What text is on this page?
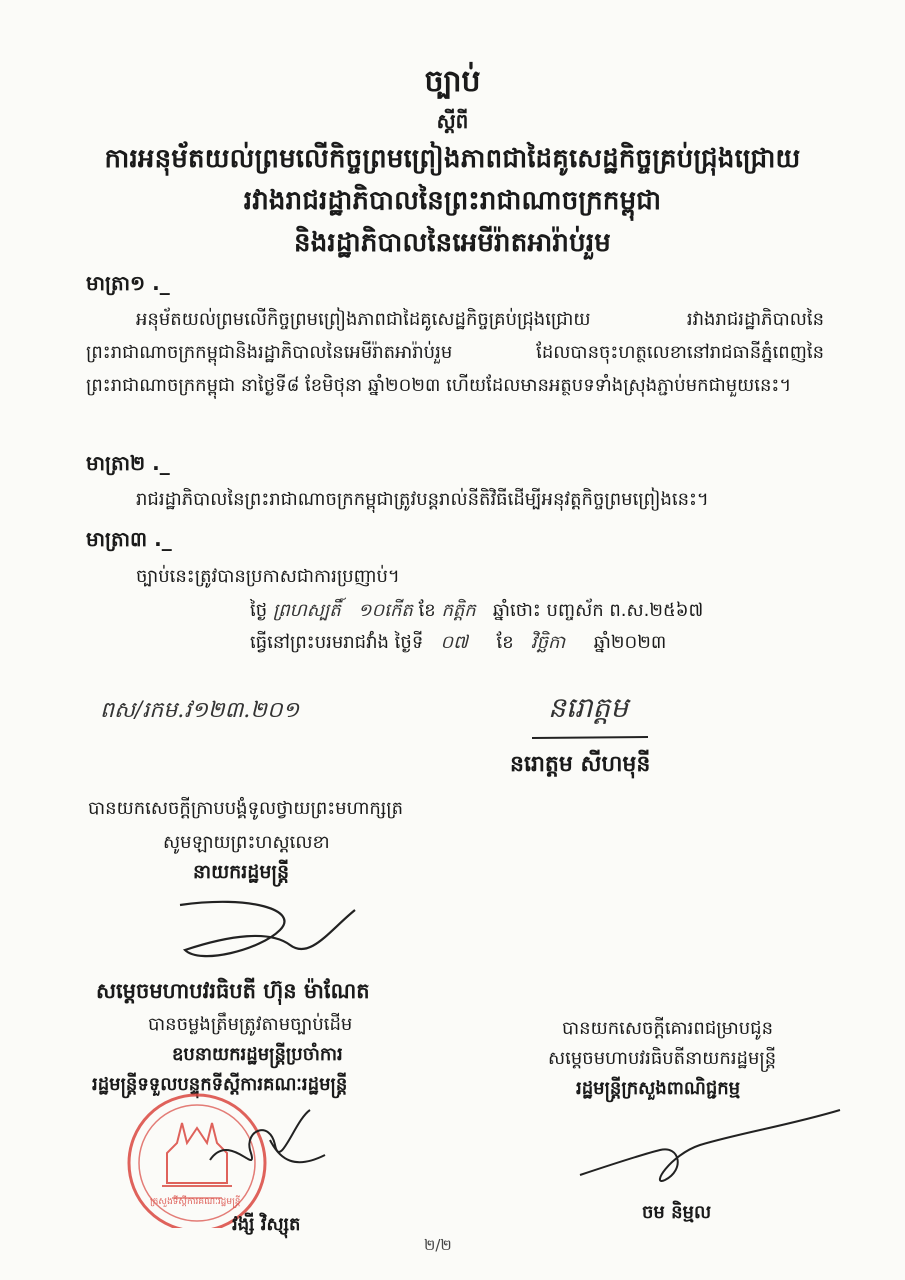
ច្បាប់
ស្តីពី
ការអនុម័តយល់ព្រមលើកិច្ចព្រមព្រៀងភាពជាដៃគូសេដ្ឋកិច្ចគ្រប់ជ្រុងជ្រោយ
រវាងរាជរដ្ឋាភិបាលនៃព្រះរាជាណាចក្រកម្ពុជា
និងរដ្ឋាភិបាលនៃអេមីរ៉ាតអារ៉ាប់រួម
មាត្រា១ ._
អនុម័តយល់ព្រមលើកិច្ចព្រមព្រៀងភាពជាដៃគូសេដ្ឋកិច្ចគ្រប់ជ្រុងជ្រោយ រវាងរាជរដ្ឋាភិបាលនៃព្រះរាជាណាចក្រកម្ពុជានិងរដ្ឋាភិបាលនៃអេមីរ៉ាតអារ៉ាប់រួម ដែលបានចុះហត្ថលេខានៅរាជធានីភ្នំពេញនៃព្រះរាជាណាចក្រកម្ពុជា នាថ្ងៃទី៨ ខែមិថុនា ឆ្នាំ២០២៣ ហើយដែលមានអត្ថបទទាំងស្រុងភ្ជាប់មកជាមួយនេះ។
មាត្រា២ ._
រាជរដ្ឋាភិបាលនៃព្រះរាជាណាចក្រកម្ពុជាត្រូវបន្តរាល់នីតិវិធីដើម្បីអនុវត្តកិច្ចព្រមព្រៀងនេះ។
មាត្រា៣ ._
ច្បាប់នេះត្រូវបានប្រកាសជាការប្រញាប់។
ថ្ងៃ ព្រហស្បតិ៍ ១០កើត ខែ កត្តិក ឆ្នាំថោះ បញ្ចស័ក ព.ស.២៥៦៧
ធ្វើនៅព្រះបរមរាជវាំង ថ្ងៃទី ០៧ ខែ វិច្ឆិកា ឆ្នាំ២០២៣
ពស/រកម.វ១២៣.២០១	នរោត្តម
នរោត្តម សីហមុនី
បានយកសេចក្តីក្រាបបង្គំទូលថ្វាយព្រះមហាក្សត្រ
សូមឡាយព្រះហស្តលេខា
នាយករដ្ឋមន្ត្រី
សម្តេចមហាបវរធិបតី ហ៊ុន ម៉ាណែត
បានចម្លងត្រឹមត្រូវតាមច្បាប់ដើម
ឧបនាយករដ្ឋមន្ត្រីប្រចាំការ
រដ្ឋមន្ត្រីទទួលបន្ទុកទីស្តីការគណៈរដ្ឋមន្ត្រី
ក្រសួងទីស្តីការគណៈរដ្ឋមន្ត្រី
វង្សី វិស្សុត
បានយកសេចក្តីគោរពជម្រាបជូន
សម្តេចមហាបវរធិបតីនាយករដ្ឋមន្ត្រី
រដ្ឋមន្ត្រីក្រសួងពាណិជ្ជកម្ម
ចម និម្មល
២/២
